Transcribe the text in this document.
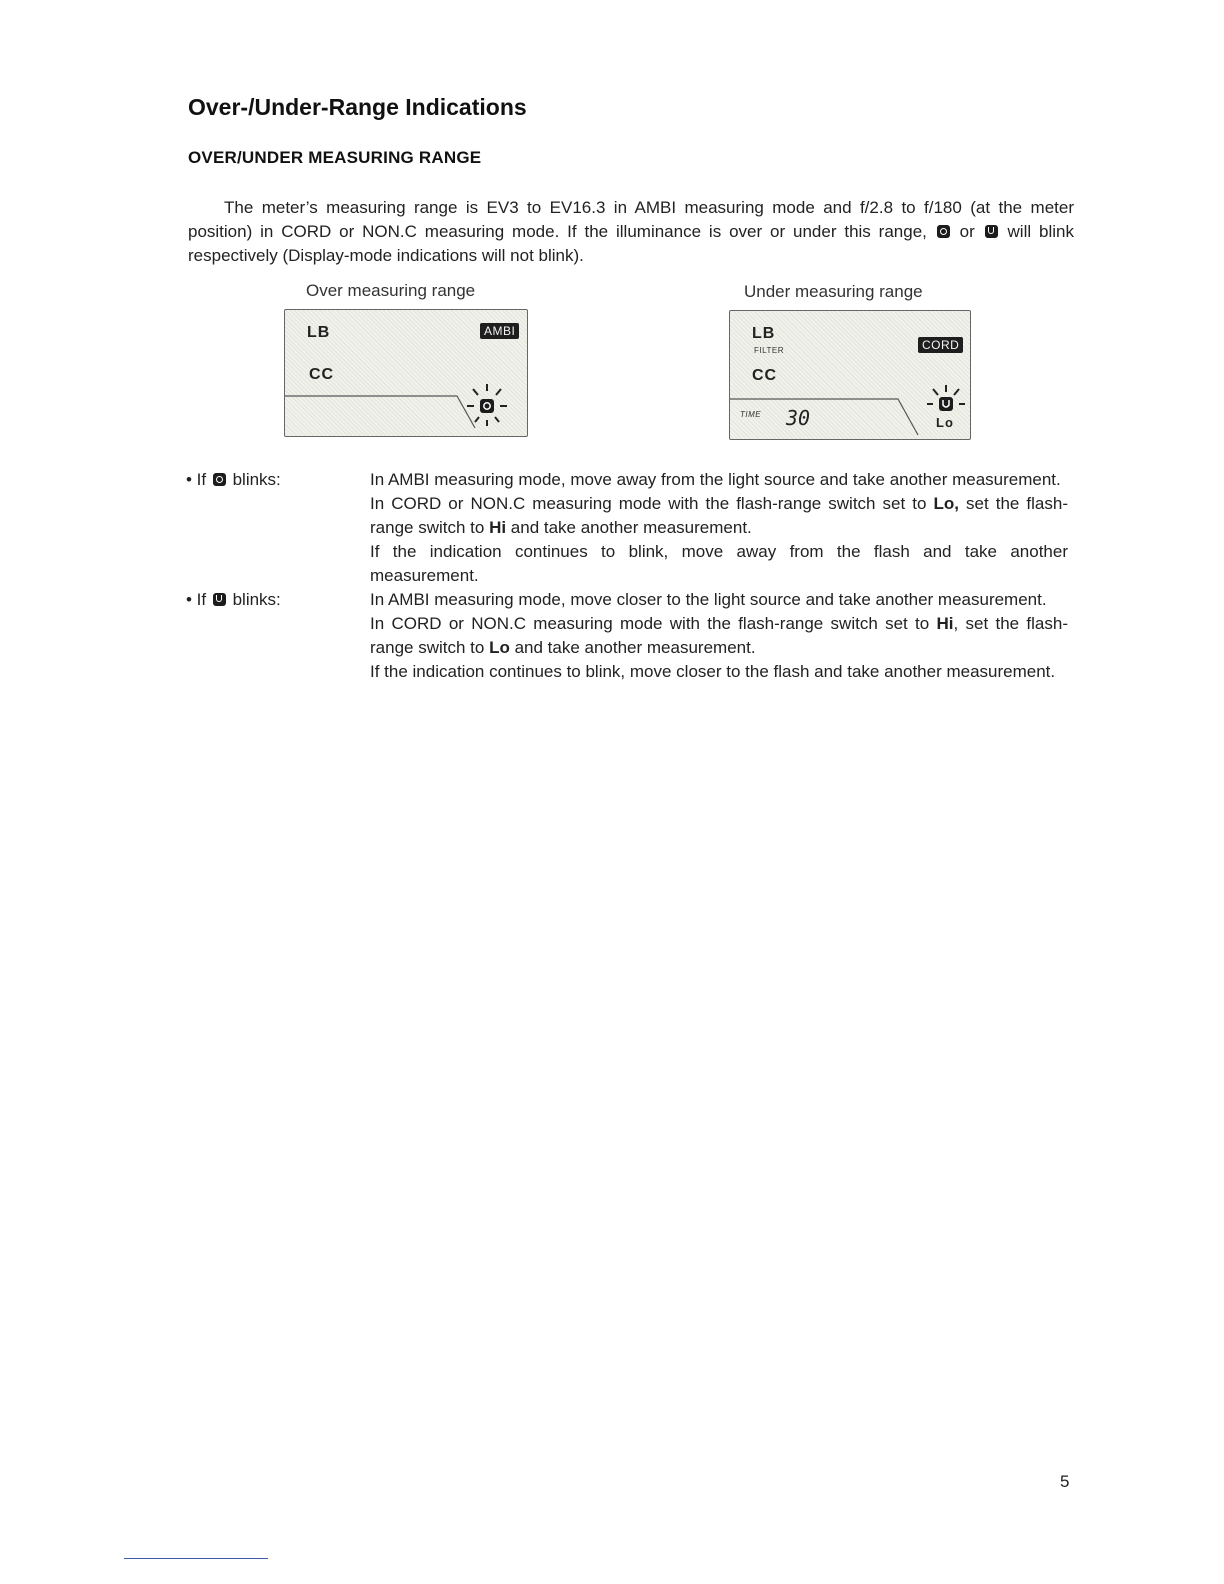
Over-/Under-Range Indications
OVER/UNDER MEASURING RANGE

The meter’s measuring range is EV3 to EV16.3 in AMBI measuring mode and f/2.8 to f/180 (at the meter position) in CORD or NON.C measuring mode. If the illuminance is over or under this range, or will blink respectively (Display-mode indications will not blink).

Over measuring range

LB
CC
AMBI

Under measuring range

LB
FILTER
CC
CORD
TIME 30	Lo
• If blinks:	In AMBI measuring mode, move away from the light source and take another measurement.

In CORD or NON.C measuring mode with the flash-range switch set to Lo, set the flash-range switch to Hi and take another measurement.

If the indication continues to blink, move away from the flash and take another measurement.

• If blinks:	In AMBI measuring mode, move closer to the light source and take another measurement.

In CORD or NON.C measuring mode with the flash-range switch set to Hi, set the flash-range switch to Lo and take another measurement.

If the indication continues to blink, move closer to the flash and take another measurement.

5
